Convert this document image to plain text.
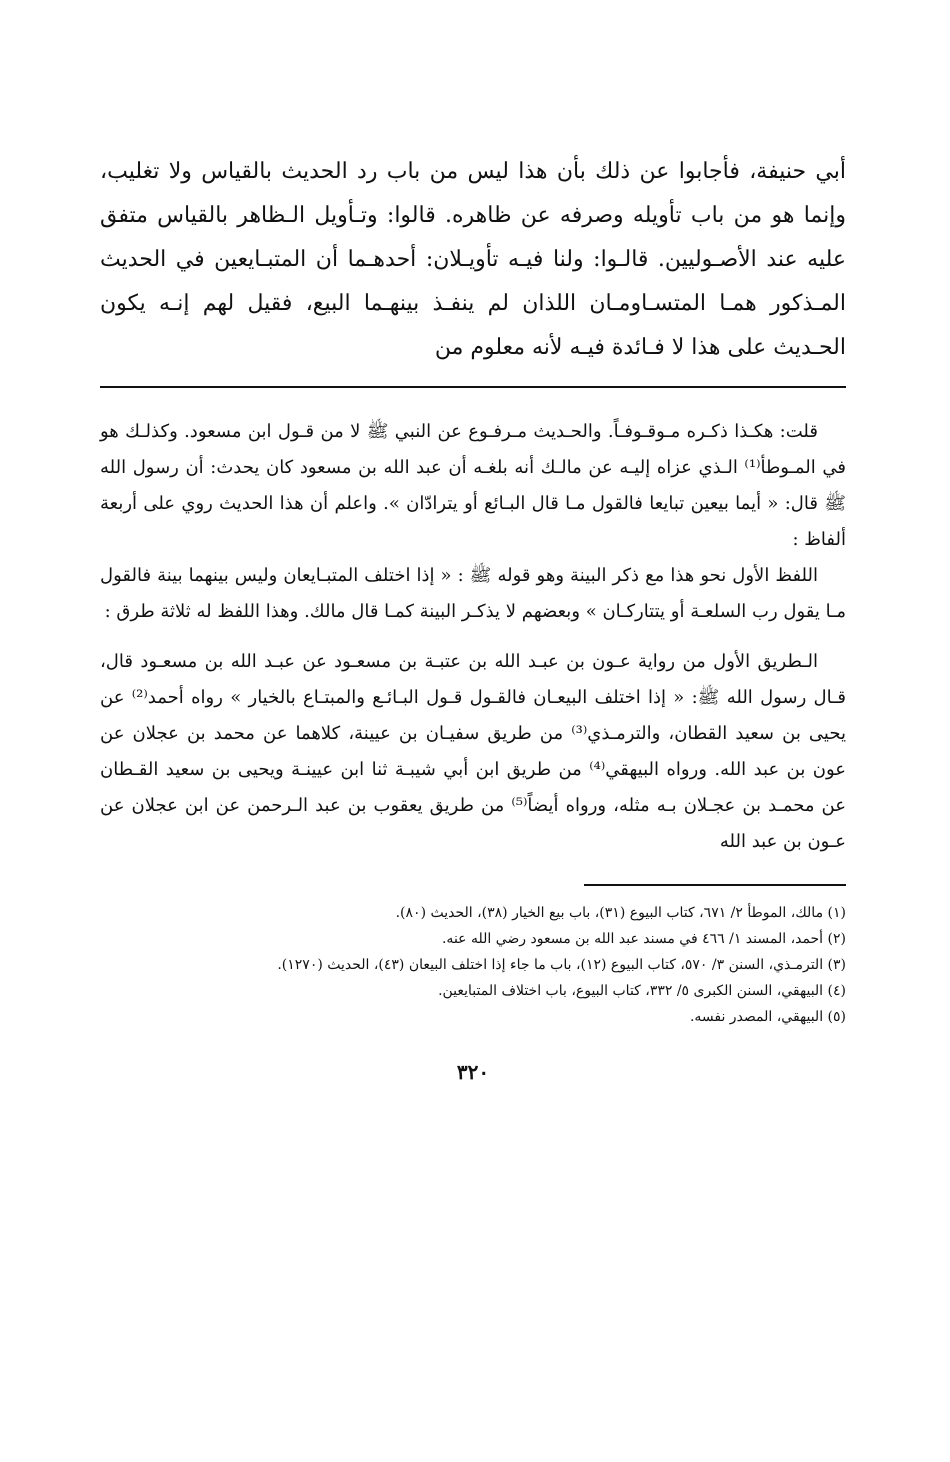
أبي حنيفة، فأجابوا عن ذلك بأن هذا ليس من باب رد الحديث بالقياس ولا تغليب، وإنما هو من باب تأويله وصرفه عن ظاهره. قالوا: وتـأويل الـظاهر بالقياس متفق عليه عند الأصـوليين. قالـوا: ولنا فيـه تأويـلان: أحدهـما أن المتبـايعين في الحديث المـذكور همـا المتسـاومـان اللذان لم ينفـذ بينهـما البيع، فقيل لهم إنـه يكون الحـديث على هذا لا فـائدة فيـه لأنه معلوم من

قلت: هكـذا ذكـره مـوقـوفـاً. والحـديث مـرفـوع عن النبي ﷺ لا من قـول ابن مسعود. وكذلـك هو في المـوطأ⁽¹⁾ الـذي عزاه إليـه عن مالـك أنه بلغـه أن عبد الله بن مسعود كان يحدث: أن رسول الله ﷺ قال: « أيما بيعين تبايعا فالقول مـا قال البـائع أو يترادّان ». واعلم أن هذا الحديث روي على أربعة ألفاظ :

اللفظ الأول نحو هذا مع ذكر البينة وهو قوله ﷺ : « إذا اختلف المتبـايعان وليس بينهما بينة فالقول مـا يقول رب السلعـة أو يتتاركـان » وبعضهم لا يذكـر البينة كمـا قال مالك. وهذا اللفظ له ثلاثة طرق :

الـطريق الأول من رواية عـون بن عبـد الله بن عتبـة بن مسعـود عن عبـد الله بن مسعـود قال، قـال رسول الله ﷺ: « إذا اختلف البيعـان فالقـول قـول البـائـع والمبتـاع بالخيار » رواه أحمد⁽²⁾ عن يحيى بن سعيد القطان، والترمـذي⁽³⁾ من طريق سفيـان بن عيينة، كلاهما عن محمد بن عجلان عن عون بن عبد الله. ورواه البيهقي⁽⁴⁾ من طريق ابن أبي شيبـة ثنا ابن عيينـة ويحيى بن سعيد القـطان عن محمـد بن عجـلان بـه مثله، ورواه أيضاً⁽⁵⁾ من طريق يعقوب بن عبد الـرحمن عن ابن عجلان عن عـون بن عبد الله

(١) مالك، الموطأ ٢/ ٦٧١، كتاب البيوع (٣١)، باب بيع الخيار (٣٨)، الحديث (٨٠).

(٢) أحمد، المسند ١/ ٤٦٦ في مسند عبد الله بن مسعود رضي الله عنه.

(٣) الترمـذي، السنن ٣/ ٥٧٠، كتاب البيوع (١٢)، باب ما جاء إذا اختلف البيعان (٤٣)، الحديث (١٢٧٠).

(٤) البيهقي، السنن الكبرى ٥/ ٣٣٢، كتاب البيوع، باب اختلاف المتبايعين.

(٥) البيهقي، المصدر نفسه.

٣٢٠
